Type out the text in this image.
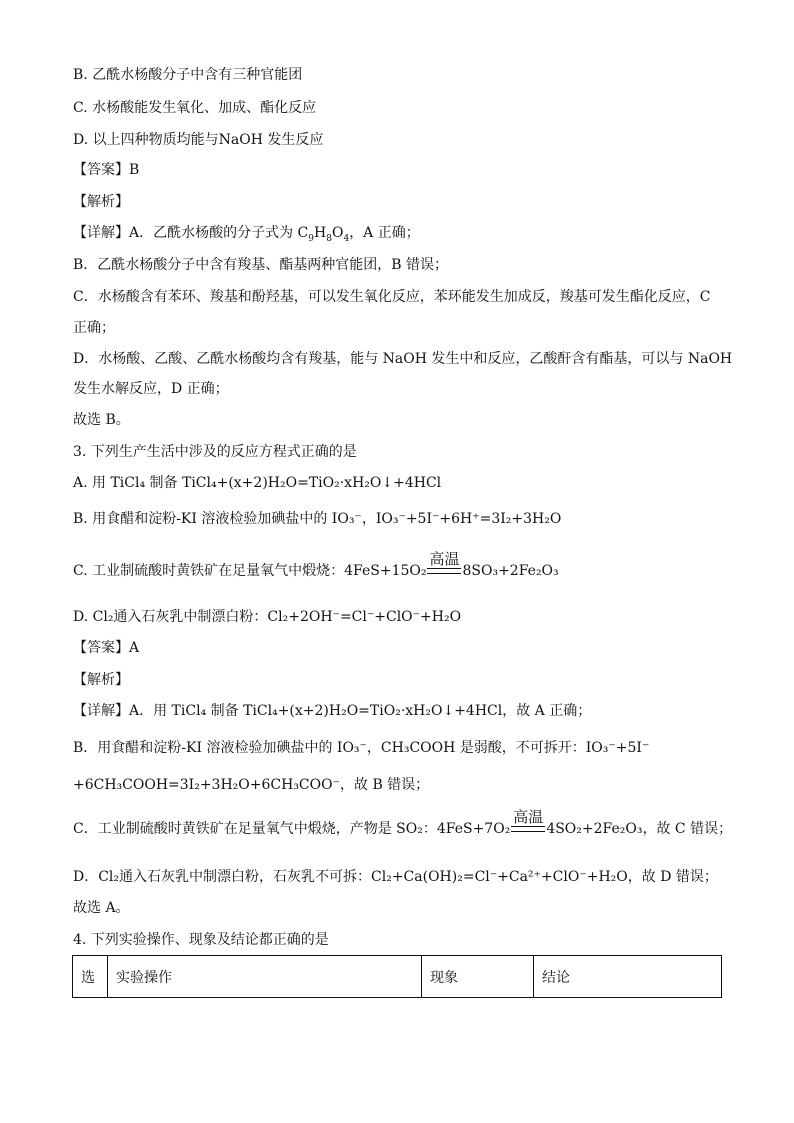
B. 乙酰水杨酸分子中含有三种官能团
C. 水杨酸能发生氧化、加成、酯化反应
D. 以上四种物质均能与NaOH 发生反应
【答案】B
【解析】
【详解】A．乙酰水杨酸的分子式为 $C_9H_8O_4$，A 正确；
B．乙酰水杨酸分子中含有羧基、酯基两种官能团，B 错误；
C．水杨酸含有苯环、羧基和酚羟基，可以发生氧化反应，苯环能发生加成反，羧基可发生酯化反应，C
正确；
D．水杨酸、乙酸、乙酰水杨酸均含有羧基，能与 NaOH 发生中和反应，乙酸酐含有酯基，可以与 NaOH
发生水解反应，D 正确；
故选 B。
3. 下列生产生活中涉及的反应方程式正确的是
A. 用 TiCl₄ 制备 TiCl₄+(x+2)H₂O=TiO₂·xH₂O↓+4HCl
B. 用食醋和淀粉-KI 溶液检验加碘盐中的 IO₃⁻，IO₃⁻+5I⁻+6H⁺=3I₂+3H₂O
C. 工业制硫酸时黄铁矿在足量氧气中煅烧：4FeS+15O₂
高温
8SO₃+2Fe₂O₃
D. Cl₂通入石灰乳中制漂白粉：Cl₂+2OH⁻=Cl⁻+ClO⁻+H₂O
【答案】A
【解析】
【详解】A．用 TiCl₄ 制备 TiCl₄+(x+2)H₂O=TiO₂·xH₂O↓+4HCl，故 A 正确；
B．用食醋和淀粉-KI 溶液检验加碘盐中的 IO₃⁻，CH₃COOH 是弱酸，不可拆开：IO₃⁻+5I⁻
+6CH₃COOH=3I₂+3H₂O+6CH₃COO⁻，故 B 错误；
C．工业制硫酸时黄铁矿在足量氧气中煅烧，产物是 SO₂：4FeS+7O₂
高温
4SO₂+2Fe₂O₃，故 C 错误；
D．Cl₂通入石灰乳中制漂白粉，石灰乳不可拆：Cl₂+Ca(OH)₂=Cl⁻+Ca²⁺+ClO⁻+H₂O，故 D 错误；
故选 A。
4. 下列实验操作、现象及结论都正确的是
选	实验操作	现象	结论
